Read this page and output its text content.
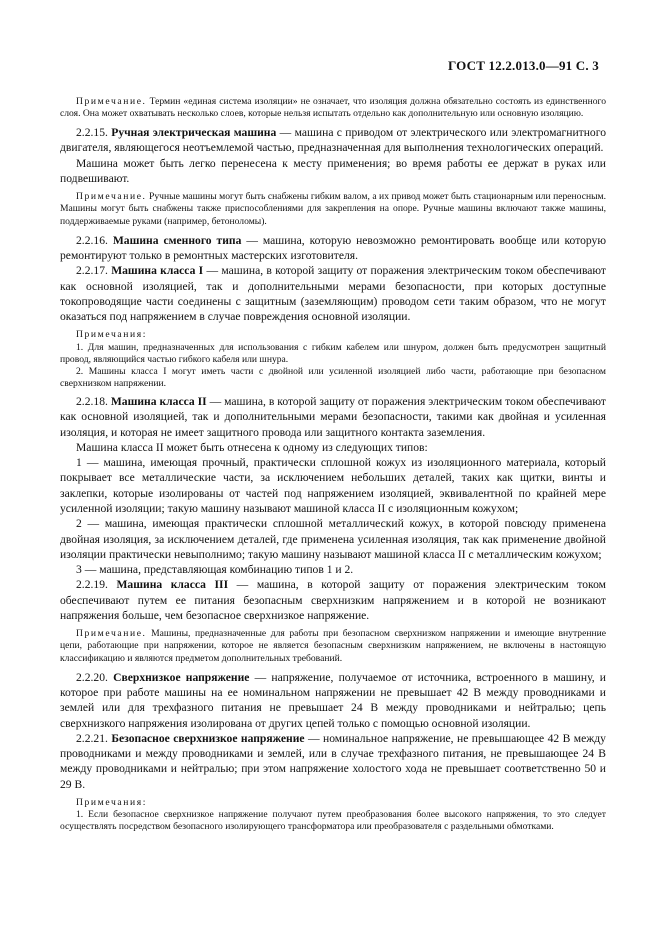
ГОСТ 12.2.013.0—91 С. 3

Примечание. Термин «единая система изоляции» не означает, что изоляция должна обязательно состоять из единственного слоя. Она может охватывать несколько слоев, которые нельзя испытать отдельно как дополнительную или основную изоляцию.

2.2.15. Ручная электрическая машина — машина с приводом от электрического или электромагнитного двигателя, являющегося неотъемлемой частью, предназначенная для выполнения технологических операций.

Машина может быть легко перенесена к месту применения; во время работы ее держат в руках или подвешивают.

Примечание. Ручные машины могут быть снабжены гибким валом, а их привод может быть стационарным или переносным. Машины могут быть снабжены также приспособлениями для закрепления на опоре. Ручные машины включают также машины, поддерживаемые руками (например, бетоноломы).

2.2.16. Машина сменного типа — машина, которую невозможно ремонтировать вообще или которую ремонтируют только в ремонтных мастерских изготовителя.

2.2.17. Машина класса I — машина, в которой защиту от поражения электрическим током обеспечивают как основной изоляцией, так и дополнительными мерами безопасности, при которых доступные токопроводящие части соединены с защитным (заземляющим) проводом сети таким образом, что не могут оказаться под напряжением в случае повреждения основной изоляции.

Примечания:

1. Для машин, предназначенных для использования с гибким кабелем или шнуром, должен быть предусмотрен защитный провод, являющийся частью гибкого кабеля или шнура.

2. Машины класса I могут иметь части с двойной или усиленной изоляцией либо части, работающие при безопасном сверхнизком напряжении.

2.2.18. Машина класса II — машина, в которой защиту от поражения электрическим током обеспечивают как основной изоляцией, так и дополнительными мерами безопасности, такими как двойная и усиленная изоляция, и которая не имеет защитного провода или защитного контакта заземления.

Машина класса II может быть отнесена к одному из следующих типов:

1 — машина, имеющая прочный, практически сплошной кожух из изоляционного материала, который покрывает все металлические части, за исключением небольших деталей, таких как щитки, винты и заклепки, которые изолированы от частей под напряжением изоляцией, эквивалентной по крайней мере усиленной изоляции; такую машину называют машиной класса II с изоляционным кожухом;

2 — машина, имеющая практически сплошной металлический кожух, в которой повсюду применена двойная изоляция, за исключением деталей, где применена усиленная изоляция, так как применение двойной изоляции практически невыполнимо; такую машину называют машиной класса II с металлическим кожухом;

3 — машина, представляющая комбинацию типов 1 и 2.

2.2.19. Машина класса III — машина, в которой защиту от поражения электрическим током обеспечивают путем ее питания безопасным сверхнизким напряжением и в которой не возникают напряжения больше, чем безопасное сверхнизкое напряжение.

Примечание. Машины, предназначенные для работы при безопасном сверхнизком напряжении и имеющие внутренние цепи, работающие при напряжении, которое не является безопасным сверхнизким напряжением, не включены в настоящую классификацию и являются предметом дополнительных требований.

2.2.20. Сверхнизкое напряжение — напряжение, получаемое от источника, встроенного в машину, и которое при работе машины на ее номинальном напряжении не превышает 42 В между проводниками и землей или для трехфазного питания не превышает 24 В между проводниками и нейтралью; цепь сверхнизкого напряжения изолирована от других цепей только с помощью основной изоляции.

2.2.21. Безопасное сверхнизкое напряжение — номинальное напряжение, не превышающее 42 В между проводниками и между проводниками и землей, или в случае трехфазного питания, не превышающее 24 В между проводниками и нейтралью; при этом напряжение холостого хода не превышает соответственно 50 и 29 В.

Примечания:

1. Если безопасное сверхнизкое напряжение получают путем преобразования более высокого напряжения, то это следует осуществлять посредством безопасного изолирующего трансформатора или преобразователя с раздельными обмотками.
